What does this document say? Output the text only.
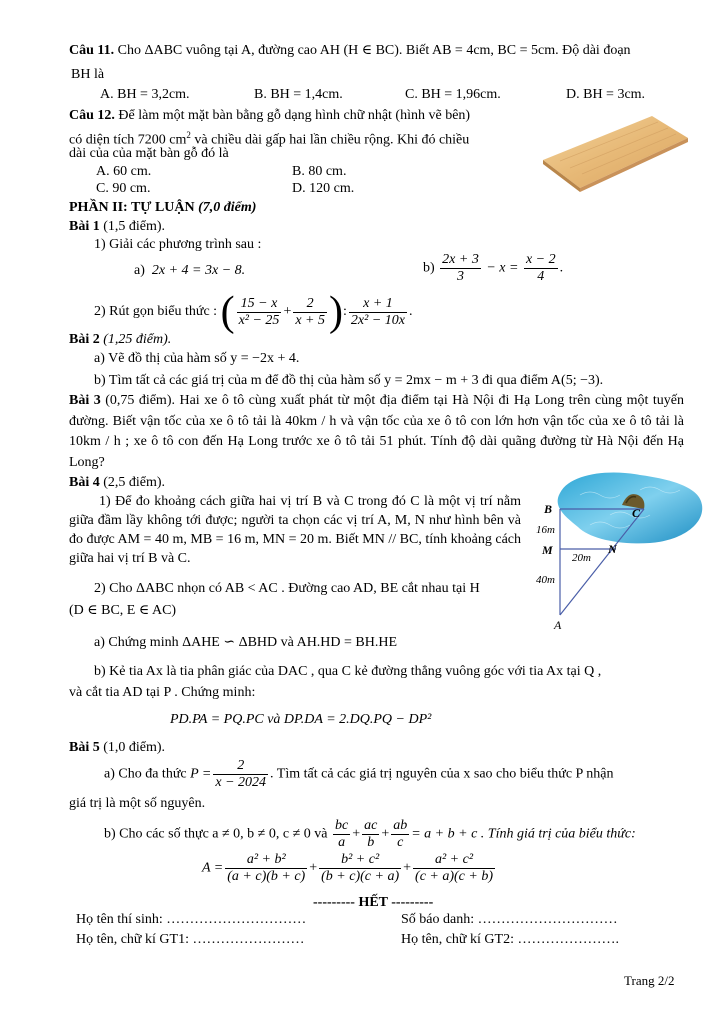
Câu 11. Cho ΔABC vuông tại A, đường cao AH (H ∈ BC). Biết AB = 4cm, BC = 5cm. Độ dài đoạn
BH là
A. BH = 3,2cm.	B. BH = 1,4cm.	C. BH = 1,96cm.	D. BH = 3cm.
Câu 12. Để làm một mặt bàn bằng gỗ dạng hình chữ nhật (hình vẽ bên)
có diện tích 7200 $cm^2$ và chiều dài gấp hai lần chiều rộng. Khi đó chiều
dài của của mặt bàn gỗ đó là
A. 60 cm.	B. 80 cm.
C. 90 cm.	D. 120 cm.
PHẦN II: TỰ LUẬN (7,0 điểm)
Bài 1 (1,5 điểm).
1) Giải các phương trình sau :
a) 2x + 4 = 3x − 8.	$b) \frac{2x + 3}{3} - x = \frac{x - 2}{4}$ .
2) Rút gọn biểu thức : ( $\frac{15 - x}{\text{x² − 25}} + \frac{2}{x + 5}$ ): $\frac{x + 1}{\text{2x² − 10x}}$ .
Bài 2 (1,25 điểm).
a) Vẽ đồ thị của hàm số y = −2x + 4.
b) Tìm tất cả các giá trị của m để đồ thị của hàm số y = 2mx − m + 3 đi qua điểm A(5; −3).
Bài 3 (0,75 điểm). Hai xe ô tô cùng xuất phát từ một địa điểm tại Hà Nội đi Hạ Long trên cùng một tuyến đường. Biết vận tốc của xe ô tô tải là 40km / h và vận tốc của xe ô tô con lớn hơn vận tốc của xe ô tô tải là 10km / h ; xe ô tô con đến Hạ Long trước xe ô tô tải 51 phút. Tính độ dài quãng đường từ Hà Nội đến Hạ Long?
Bài 4 (2,5 điểm).
1) Để đo khoảng cách giữa hai vị trí B và C trong đó C là một vị trí nằm giữa đầm lầy không tới được; người ta chọn các vị trí A, M, N như hình bên và đo được AM = 40 m, MB = 16 m, MN = 20 m. Biết MN // BC, tính khoảng cách giữa hai vị trí B và C.
2) Cho ΔABC nhọn có AB < AC . Đường cao AD, BE cắt nhau tại H
(D ∈ BC, E ∈ AC)
a) Chứng minh ΔAHE ∽ ΔBHD và AH.HD = BH.HE
b) Kẻ tia Ax là tia phân giác của DAC , qua C kẻ đường thẳng vuông góc với tia Ax tại Q ,
và cắt tia AD tại P . Chứng minh:
PD.PA = PQ.PC và DP.DA = 2.DQ.PQ − DP²
B	C
M	N
A
16m
20m
40m
Bài 5 (1,0 điểm).
a) Cho đa thức $P = \frac{2}{x - 2024}$ . Tìm tất cả các giá trị nguyên của x sao cho biểu thức P nhận
giá trị là một số nguyên.
b) Cho các số thực a ≠ 0, b ≠ 0, c ≠ 0 và $\frac{bc}{a} + \frac{ac}{b} + \frac{ab}{c} = a + b + c$ . Tính giá trị của biểu thức:
$A = \frac{\text{a² + b²}}{(a + c)(b + c)} + \frac{\text{b² + c²}}{(b + c)(c + a)} + \frac{\text{a² + c²}}{(c + a)(c + b)}$
--------- HẾT ---------
Họ tên thí sinh: …………………………	Số báo danh: …………………………
Họ tên, chữ kí GT1: ……………………	Họ tên, chữ kí GT2: ………………….
Trang 2/2
